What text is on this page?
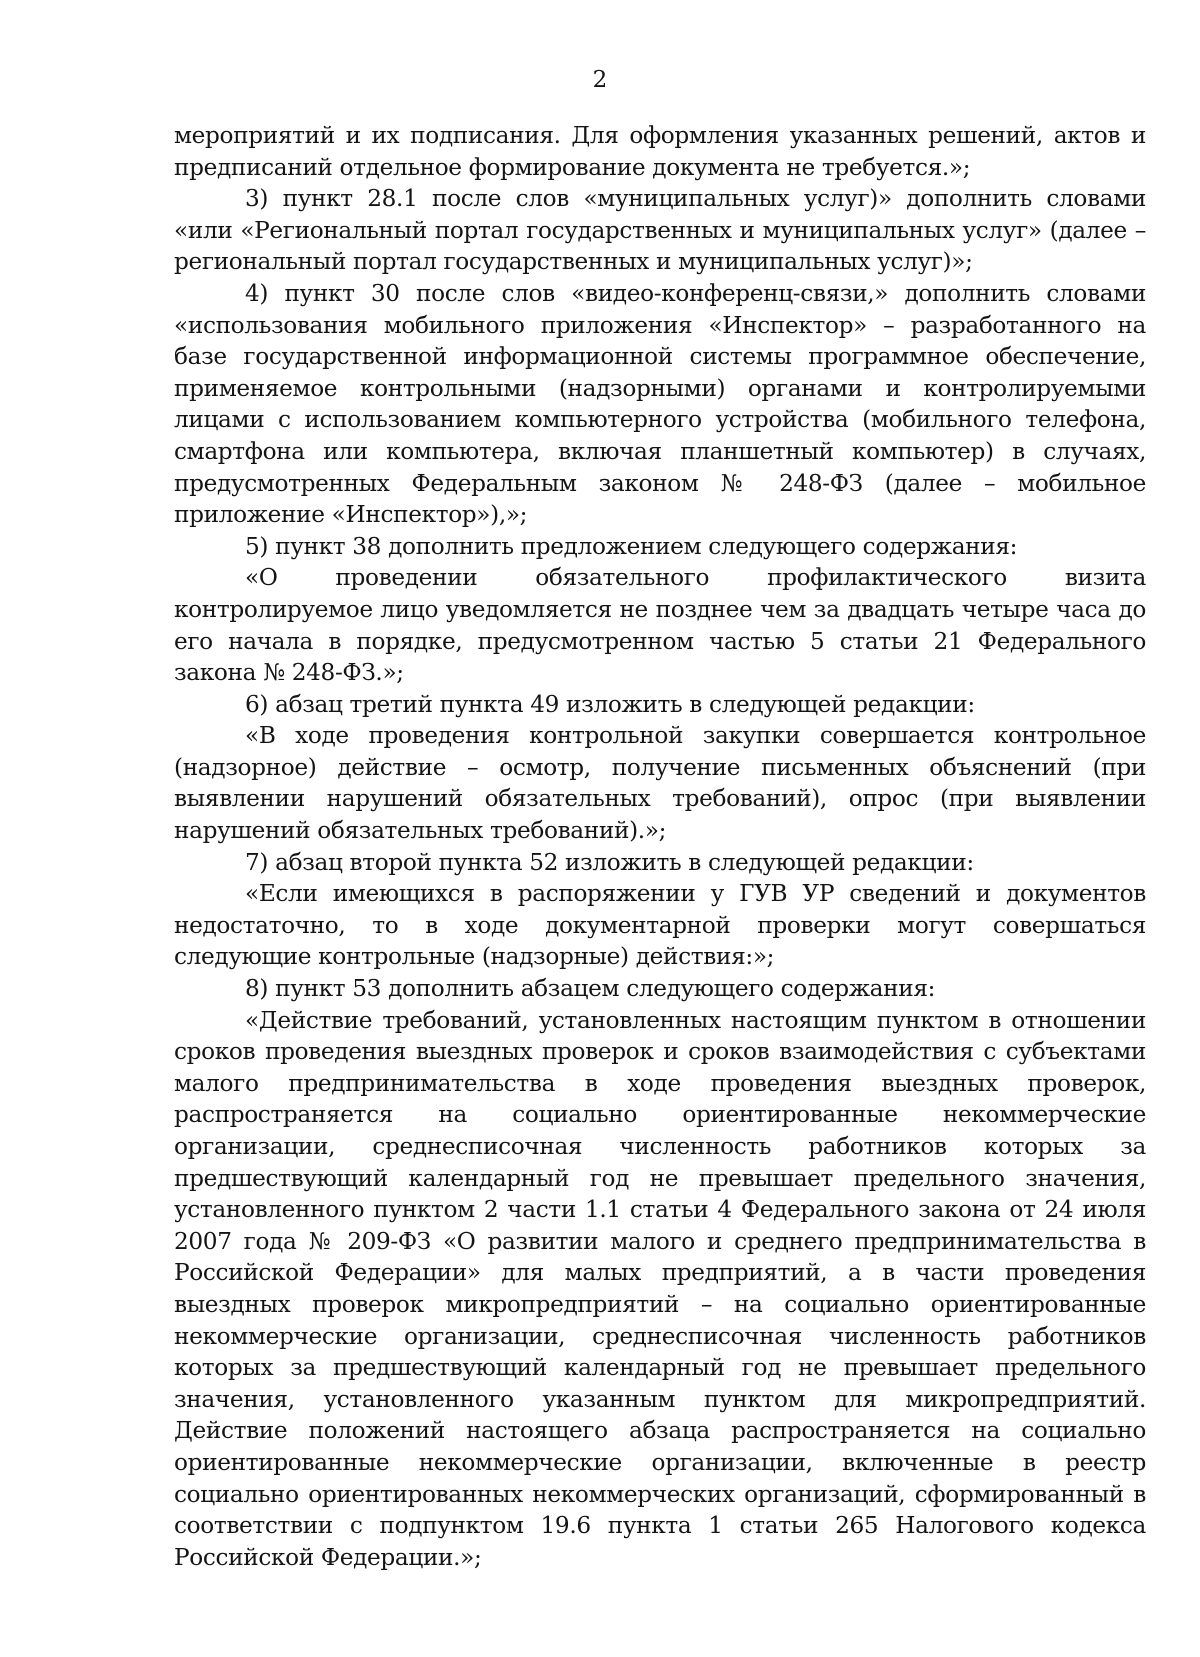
2

мероприятий и их подписания. Для оформления указанных решений, актов и предписаний отдельное формирование документа не требуется.»;

3) пункт 28.1 после слов «муниципальных услуг)» дополнить словами «или «Региональный портал государственных и муниципальных услуг» (далее – региональный портал государственных и муниципальных услуг)»;

4) пункт 30 после слов «видео-конференц-связи,» дополнить словами «использования мобильного приложения «Инспектор» – разработанного на базе государственной информационной системы программное обеспечение, применяемое контрольными (надзорными) органами и контролируемыми лицами с использованием компьютерного устройства (мобильного телефона, смартфона или компьютера, включая планшетный компьютер) в случаях, предусмотренных Федеральным законом № 248-ФЗ (далее – мобильное приложение «Инспектор»),»;

5) пункт 38 дополнить предложением следующего содержания:

«О проведении обязательного профилактического визита контролируемое лицо уведомляется не позднее чем за двадцать четыре часа до его начала в порядке, предусмотренном частью 5 статьи 21 Федерального закона № 248-ФЗ.»;

6) абзац третий пункта 49 изложить в следующей редакции:

«В ходе проведения контрольной закупки совершается контрольное (надзорное) действие – осмотр, получение письменных объяснений (при выявлении нарушений обязательных требований), опрос (при выявлении нарушений обязательных требований).»;

7) абзац второй пункта 52 изложить в следующей редакции:

«Если имеющихся в распоряжении у ГУВ УР сведений и документов недостаточно, то в ходе документарной проверки могут совершаться следующие контрольные (надзорные) действия:»;

8) пункт 53 дополнить абзацем следующего содержания:

«Действие требований, установленных настоящим пунктом в отношении сроков проведения выездных проверок и сроков взаимодействия с субъектами малого предпринимательства в ходе проведения выездных проверок, распространяется на социально ориентированные некоммерческие организации, среднесписочная численность работников которых за предшествующий календарный год не превышает предельного значения, установленного пунктом 2 части 1.1 статьи 4 Федерального закона от 24 июля 2007 года № 209-ФЗ «О развитии малого и среднего предпринимательства в Российской Федерации» для малых предприятий, а в части проведения выездных проверок микропредприятий – на социально ориентированные некоммерческие организации, среднесписочная численность работников которых за предшествующий календарный год не превышает предельного значения, установленного указанным пунктом для микропредприятий. Действие положений настоящего абзаца распространяется на социально ориентированные некоммерческие организации, включенные в реестр социально ориентированных некоммерческих организаций, сформированный в соответствии с подпунктом 19.6 пункта 1 статьи 265 Налогового кодекса Российской Федерации.»;
